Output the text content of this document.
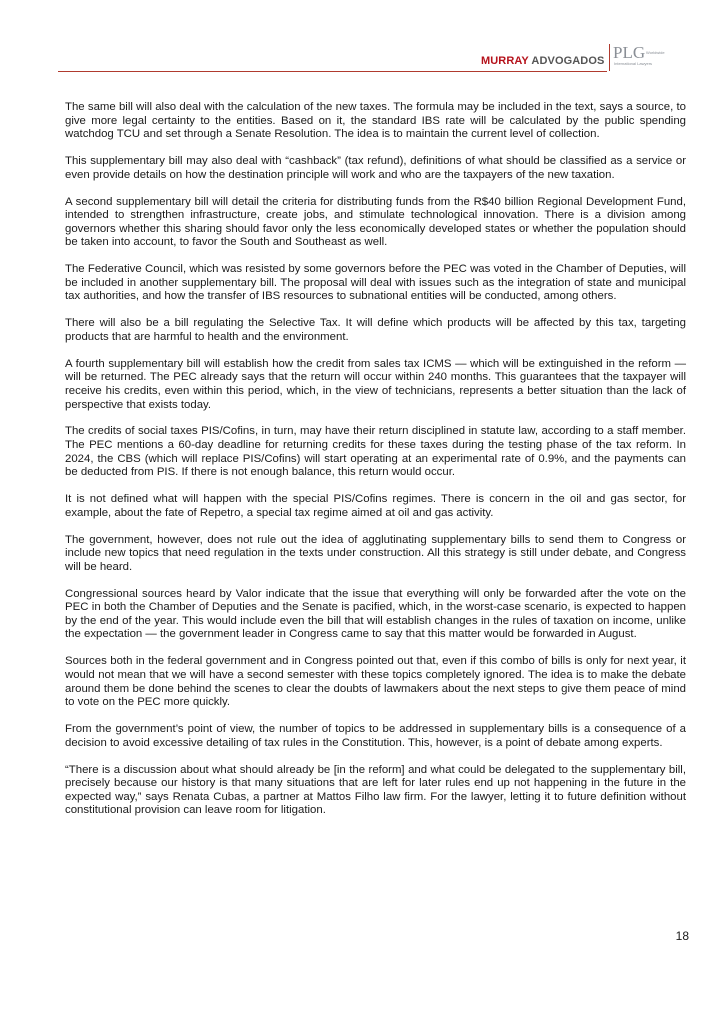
MURRAY ADVOGADOS PLG Worldwide
International Lawyers

The same bill will also deal with the calculation of the new taxes. The formula may be included in the text, says a source, to give more legal certainty to the entities. Based on it, the standard IBS rate will be calculated by the public spending watchdog TCU and set through a Senate Resolution. The idea is to maintain the current level of collection.

This supplementary bill may also deal with “cashback” (tax refund), definitions of what should be classified as a service or even provide details on how the destination principle will work and who are the taxpayers of the new taxation.

A second supplementary bill will detail the criteria for distributing funds from the R$40 billion Regional Development Fund, intended to strengthen infrastructure, create jobs, and stimulate technological innovation. There is a division among governors whether this sharing should favor only the less economically developed states or whether the population should be taken into account, to favor the South and Southeast as well.

The Federative Council, which was resisted by some governors before the PEC was voted in the Chamber of Deputies, will be included in another supplementary bill. The proposal will deal with issues such as the integration of state and municipal tax authorities, and how the transfer of IBS resources to subnational entities will be conducted, among others.

There will also be a bill regulating the Selective Tax. It will define which products will be affected by this tax, targeting products that are harmful to health and the environment.

A fourth supplementary bill will establish how the credit from sales tax ICMS — which will be extinguished in the reform — will be returned. The PEC already says that the return will occur within 240 months. This guarantees that the taxpayer will receive his credits, even within this period, which, in the view of technicians, represents a better situation than the lack of perspective that exists today.

The credits of social taxes PIS/Cofins, in turn, may have their return disciplined in statute law, according to a staff member. The PEC mentions a 60-day deadline for returning credits for these taxes during the testing phase of the tax reform. In 2024, the CBS (which will replace PIS/Cofins) will start operating at an experimental rate of 0.9%, and the payments can be deducted from PIS. If there is not enough balance, this return would occur.

It is not defined what will happen with the special PIS/Cofins regimes. There is concern in the oil and gas sector, for example, about the fate of Repetro, a special tax regime aimed at oil and gas activity.

The government, however, does not rule out the idea of agglutinating supplementary bills to send them to Congress or include new topics that need regulation in the texts under construction. All this strategy is still under debate, and Congress will be heard.

Congressional sources heard by Valor indicate that the issue that everything will only be forwarded after the vote on the PEC in both the Chamber of Deputies and the Senate is pacified, which, in the worst-case scenario, is expected to happen by the end of the year. This would include even the bill that will establish changes in the rules of taxation on income, unlike the expectation — the government leader in Congress came to say that this matter would be forwarded in August.

Sources both in the federal government and in Congress pointed out that, even if this combo of bills is only for next year, it would not mean that we will have a second semester with these topics completely ignored. The idea is to make the debate around them be done behind the scenes to clear the doubts of lawmakers about the next steps to give them peace of mind to vote on the PEC more quickly.

From the government’s point of view, the number of topics to be addressed in supplementary bills is a consequence of a decision to avoid excessive detailing of tax rules in the Constitution. This, however, is a point of debate among experts.

“There is a discussion about what should already be [in the reform] and what could be delegated to the supplementary bill, precisely because our history is that many situations that are left for later rules end up not happening in the future in the expected way,” says Renata Cubas, a partner at Mattos Filho law firm. For the lawyer, letting it to future definition without constitutional provision can leave room for litigation.

18
